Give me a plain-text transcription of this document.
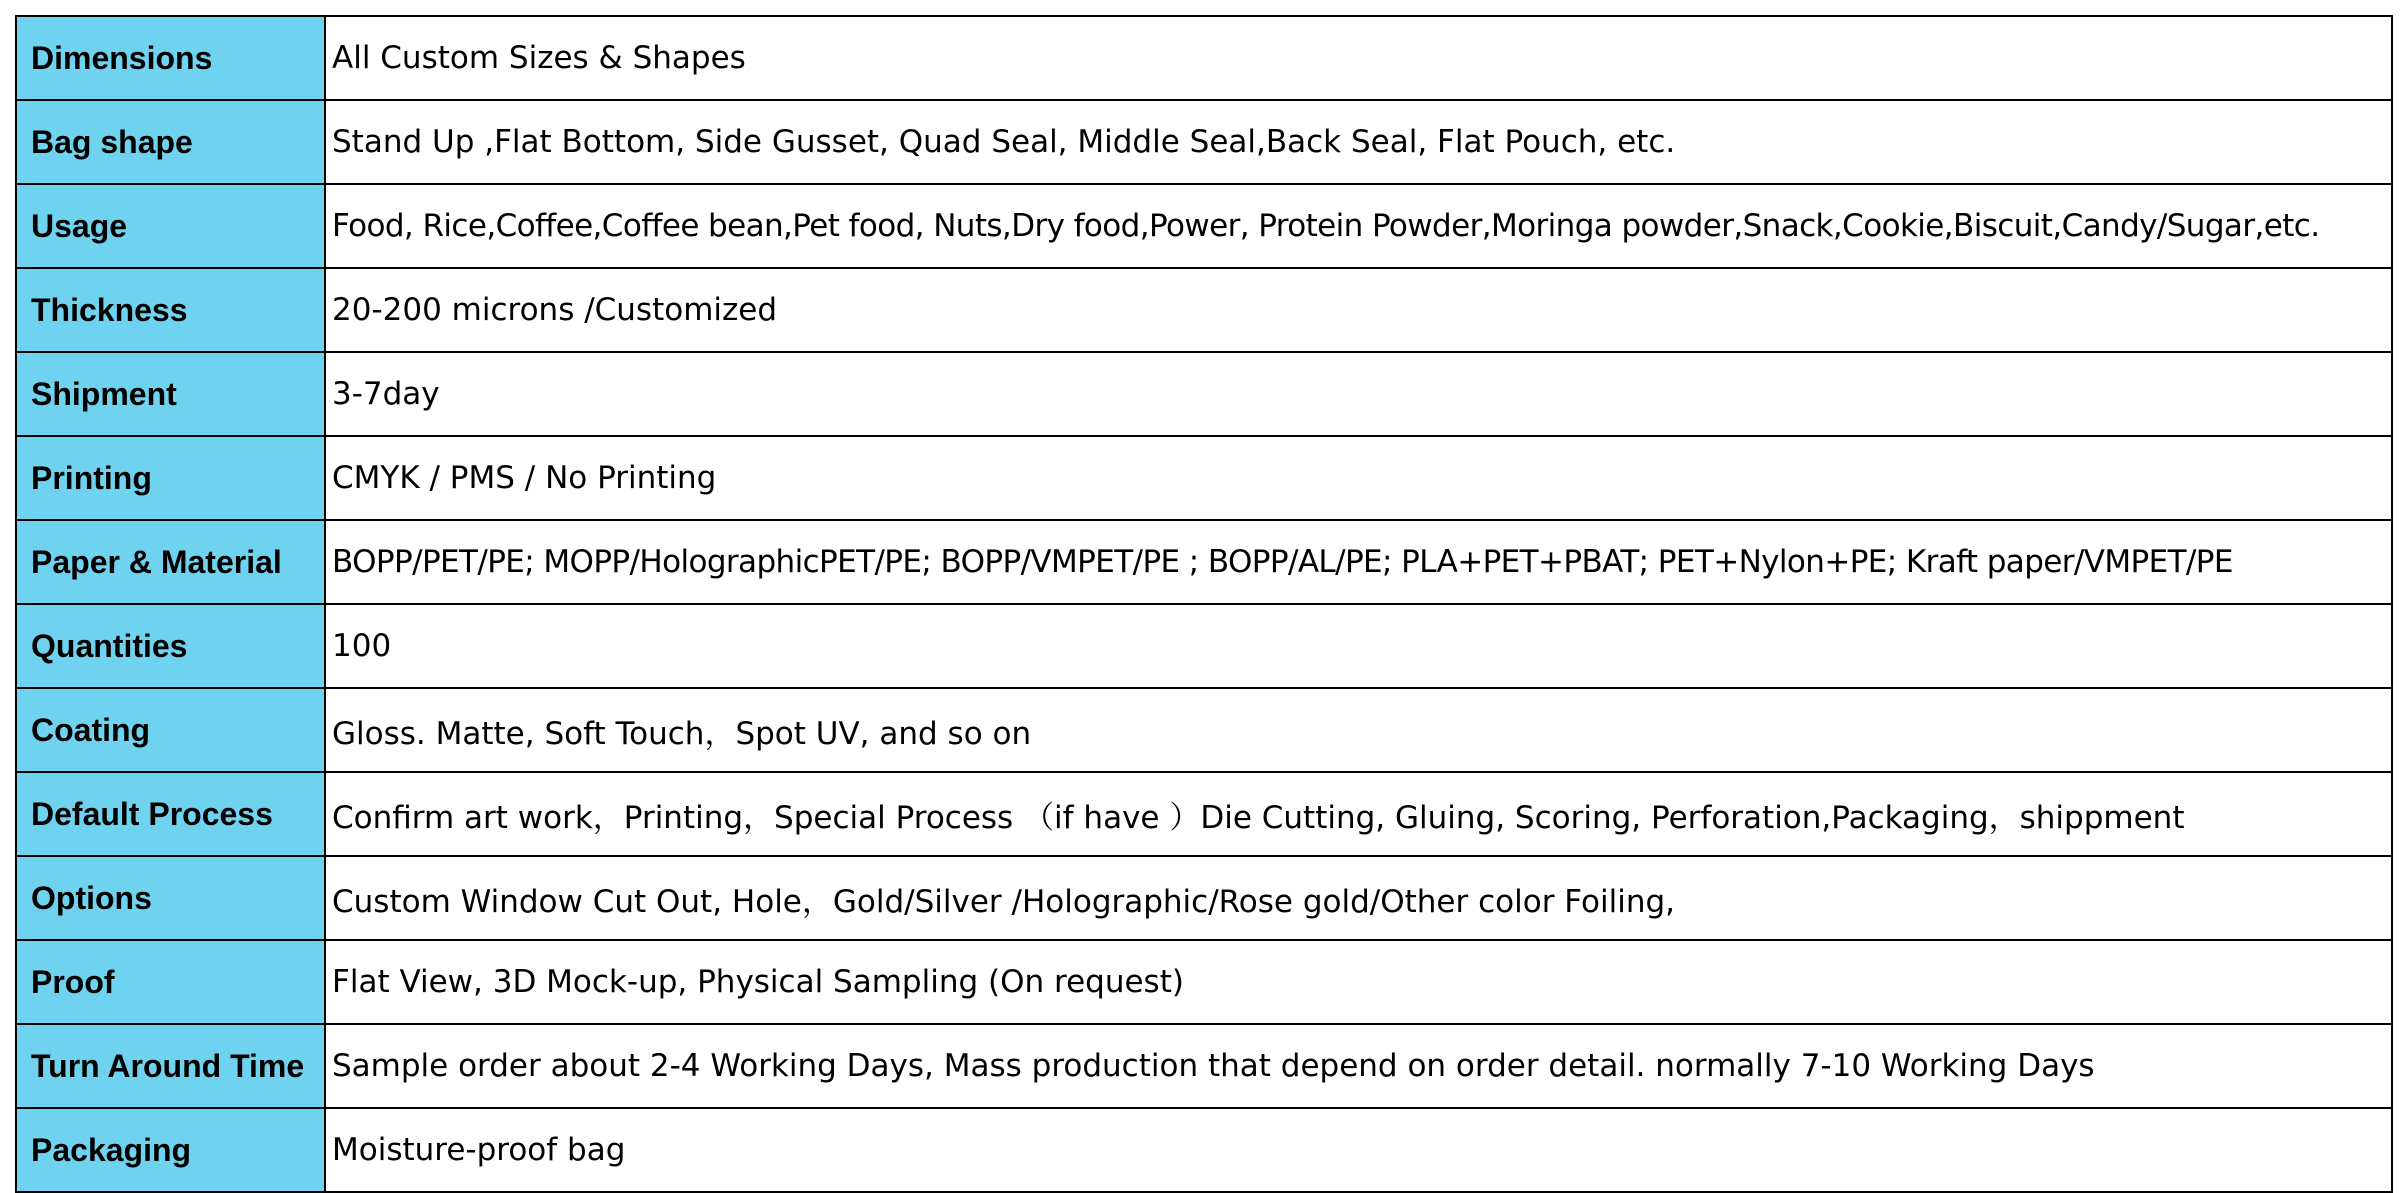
Dimensions	All Custom Sizes & Shapes
Bag shape	Stand Up ,Flat Bottom, Side Gusset, Quad Seal, Middle Seal,Back Seal, Flat Pouch, etc.
Usage	Food, Rice,Coffee,Coffee bean,Pet food, Nuts,Dry food,Power, Protein Powder,Moringa powder,Snack,Cookie,Biscuit,Candy/Sugar,etc.
Thickness	20-200 microns /Customized
Shipment	3-7day
Printing	CMYK / PMS / No Printing
Paper & Material	BOPP/PET/PE; MOPP/HolographicPET/PE; BOPP/VMPET/PE ; BOPP/AL/PE; PLA+PET+PBAT; PET+Nylon+PE; Kraft paper/VMPET/PE
Quantities	100
Coating	Gloss. Matte, Soft Touch，Spot UV, and so on
Default Process	Confirm art work，Printing，Special Process （if have ）Die Cutting, Gluing, Scoring, Perforation,Packaging，shippment
Options	Custom Window Cut Out, Hole，Gold/Silver /Holographic/Rose gold/Other color Foiling,
Proof	Flat View, 3D Mock-up, Physical Sampling (On request)
Turn Around Time	Sample order about 2-4 Working Days, Mass production that depend on order detail. normally 7-10 Working Days
Packaging	Moisture-proof bag
